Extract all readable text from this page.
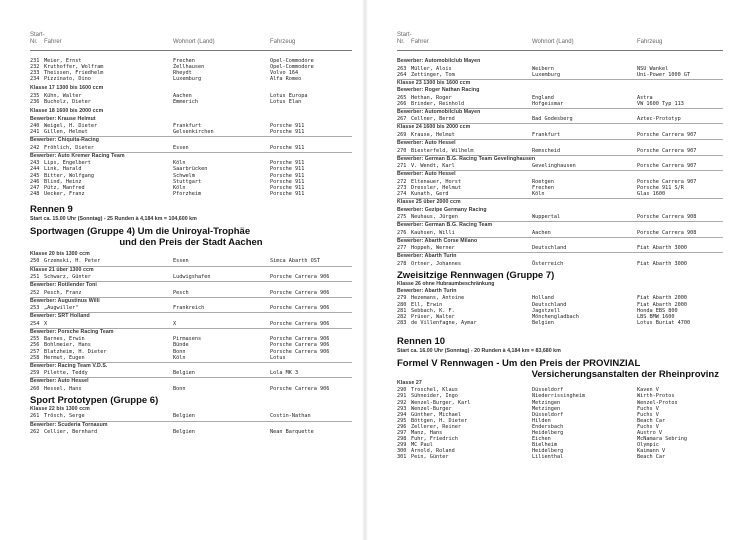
Start-
Nr. Fahrer	Wohnort (Land)	Fahrzeug
231 Meier, Ernst	Frechen	Opel-Commodore
232 Kruthoffer, Wolfram	Zellhausen	Opel-Commodore
233 Theissen, Friedhelm	Rheydt	Volvo 164
234 Pizzinato, Dino	Luxemburg	Alfa Romeo
Klasse 17 1300 bis 1600 ccm
235 Kühn, Walter	Aachen	Lotus Europa
236 Bucholz, Dieter	Emmerich	Lotus Elan
Klasse 18 1600 bis 2000 ccm
Bewerber: Krause Helmut
240 Weigel, H. Dieter	Frankfurt	Porsche 911
241 Gillen, Helmut	Gelsenkirchen	Porsche 911
Bewerber: Chiquita-Racing
242 Fröhlich, Dieter	Essen	Porsche 911
Bewerber: Auto Kremer Racing Team
243 Lips, Engelbert	Köln	Porsche 911
244 Link, Harald	Saarbrücken	Porsche 911
245 Bitter, Wolfgang	Schwelm	Porsche 911
246 Blind, Heinz	Stuttgart	Porsche 911
247 Pütz, Manfred	Köln	Porsche 911
248 Uecker, Franz	Pforzheim	Porsche 911
Rennen 9
Start ca. 15.00 Uhr (Sonntag) - 25 Runden à 4,184 km = 104,600 km
Sportwagen (Gruppe 4) Um die Uniroyal-Trophäe
und den Preis der Stadt Aachen
Klasse 20 bis 1300 ccm
250 Grzemski, H. Peter	Essen	Simca Abarth OST
Klasse 21 über 1300 ccm
251 Schwarz, Günter	Ludwigshafen	Porsche Carrera 906
Bewerber: Rotilender Toni
252 Pesch, Franz	Pesch	Porsche Carrera 906
Bewerber: Augustinus Willi
253 „Augwiller"	Frankreich	Porsche Carrera 906
Bewerber: SRT Holland
254 X	X	Porsche Carrera 906
Bewerber: Porsche Racing Team
255 Barnes, Erwin	Pirmasens	Porsche Carrera 906
256 Bohlmeier, Hans	Bünde	Porsche Carrera 906
257 Blatzheim, H. Dieter	Bonn	Porsche Carrera 906
258 Hermut, Eugen	Köln	Lotus
Bewerber: Racing Team V.D.S.
259 Pilette, Teddy	Belgien	Lola MK 3
Bewerber: Auto Hessel
260 Hessel, Hans	Bonn	Porsche Carrera 906
Sport Prototypen (Gruppe 6)
Klasse 22 bis 1300 ccm
261 Trösch, Serge	Belgien	Costin-Nathan
Bewerber: Scuderia Tornasum
262 Cellier, Bernhard	Belgien	Nean Barquette
Start-
Nr. Fahrer	Wohnort (Land)	Fahrzeug
Bewerber: Automobilclub Mayen
263 Müller, Alois	Weibern	NSU Wankel
264 Zettinger, Tom	Luxemburg	Uni-Power 1000 GT
Klasse 23 1300 bis 1600 ccm
Bewerber: Roger Nathan Racing
265 Hethan, Roger	England	Astra
266 Brinder, Reinhold	Hofgeismar	VW 1600 Typ 113
Bewerber: Automobilclub Mayen
267 Cellner, Bernd	Bad Godesberg	Aztec-Prototyp
Klasse 24 1600 bis 2000 ccm
269 Krause, Helmut	Frankfurt	Porsche Carrera 907
Bewerber: Auto Hessel
270 Biesterfeld, Wilhelm	Remscheid	Porsche Carrera 907
Bewerber: German B.G. Racing Team Gevelinghausen
271 V. Wendt, Karl	Gevelinghausen	Porsche Carrera 907
Bewerber: Auto Hessel
272 Eltenauer, Horst	Roetgen	Porsche Carrera 907
273 Dressler, Helmut	Frechen	Porsche 911 S/R
274 Kunath, Gerd	Köln	Glas 1600
Klasse 25 über 2000 ccm
Bewerber: Gezipe Germany Racing
275 Neuhaus, Jürgen	Wuppertal	Porsche Carrera 908
Bewerber: German B.G. Racing Team
276 Kauhsen, Willi	Aachen	Porsche Carrera 908
Bewerber: Abarth Corse Milano
277 Hoppeh, Werner	Deutschland	Fiat Abarth 3000
Bewerber: Abarth Turin
278 Ortner, Johannes	Österreich	Fiat Abarth 3000
Zweisitzige Rennwagen (Gruppe 7)
Klasse 26 ohne Hubraumbeschränkung
Bewerber: Abarth Turin
279 Hezemans, Antoine	Holland	Fiat Abarth 2000
280 Ell, Erwin	Deutschland	Fiat Abarth 2000
281 Sebbach, K. F.	Jagstzell	Honda EBS 800
282 Prüser, Walter	Mönchengladbach	LBS BMW 1600
283 de Villenfagne, Aymar	Belgien	Lotus Buriat 4700
Rennen 10
Start ca. 16.00 Uhr (Sonntag) - 20 Runden à 4,184 km = 83,680 km
Formel V Rennwagen - Um den Preis der PROVINZIAL
Versicherungsanstalten der Rheinprovinz
Klasse 27
290 Troschel, Klaus	Düsseldorf	Kaven V
291 Sühneider, Ingo	Niederrissingheim	Wirth-Protos
292 Wenzel-Burger, Karl	Metzingen	Wenzel-Protos
293 Wenzel-Burger	Metzingen	Fuchs V
294 Günther, Michael	Düsseldorf	Fuchs V
295 Böttgen, H. Dieter	Hilden	Beach Car
296 Zellerer, Reiner	Endersbach	Fuchs V
297 Manz, Hans	Heidelberg	Austro V
298 Fuhr, Friedrich	Eichen	McNamara Sebring
299 MC Paul	Bielheim	Olympic
300 Arnold, Roland	Heidelberg	Kaimann V
301 Pein, Günter	Lilienthal	Beach Car
